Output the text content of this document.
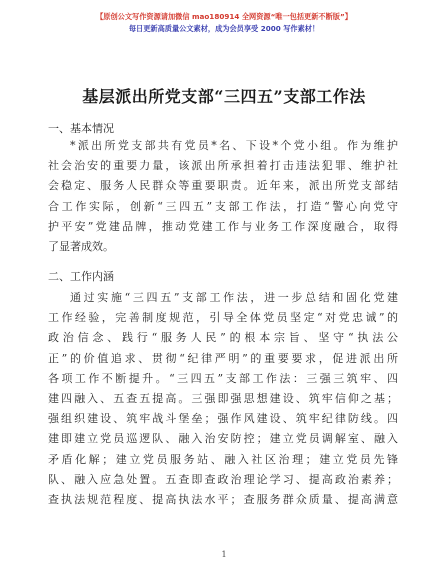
【原创公文写作资源请加微信 mao180914 全网资源“唯一包括更新不断版”】
每日更新高质量公文素材，成为会员享受 2000 写作素材！
基层派出所党支部“三四五”支部工作法
一、基本情况
*派出所党支部共有党员*名、下设*个党小组。作为维护
社会治安的重要力量，该派出所承担着打击违法犯罪、维护社
会稳定、服务人民群众等重要职责。近年来，派出所党支部结
合工作实际，创新“三四五”支部工作法，打造“警心向党守
护平安”党建品牌，推动党建工作与业务工作深度融合，取得
了显著成效。
二、工作内涵
通过实施“三四五”支部工作法，进一步总结和固化党建
工作经验，完善制度规范，引导全体党员坚定“对党忠诚”的
政治信念、践行“服务人民”的根本宗旨、坚守“执法公
正”的价值追求、贯彻“纪律严明”的重要要求，促进派出所
各项工作不断提升。“三四五”支部工作法：三强三筑牢、四
建四融入、五查五提高。三强即强思想建设、筑牢信仰之基；
强组织建设、筑牢战斗堡垒；强作风建设、筑牢纪律防线。四
建即建立党员巡逻队、融入治安防控；建立党员调解室、融入
矛盾化解；建立党员服务站、融入社区治理；建立党员先锋
队、融入应急处置。五查即查政治理论学习、提高政治素养；
查执法规范程度、提高执法水平；查服务群众质量、提高满意
1
